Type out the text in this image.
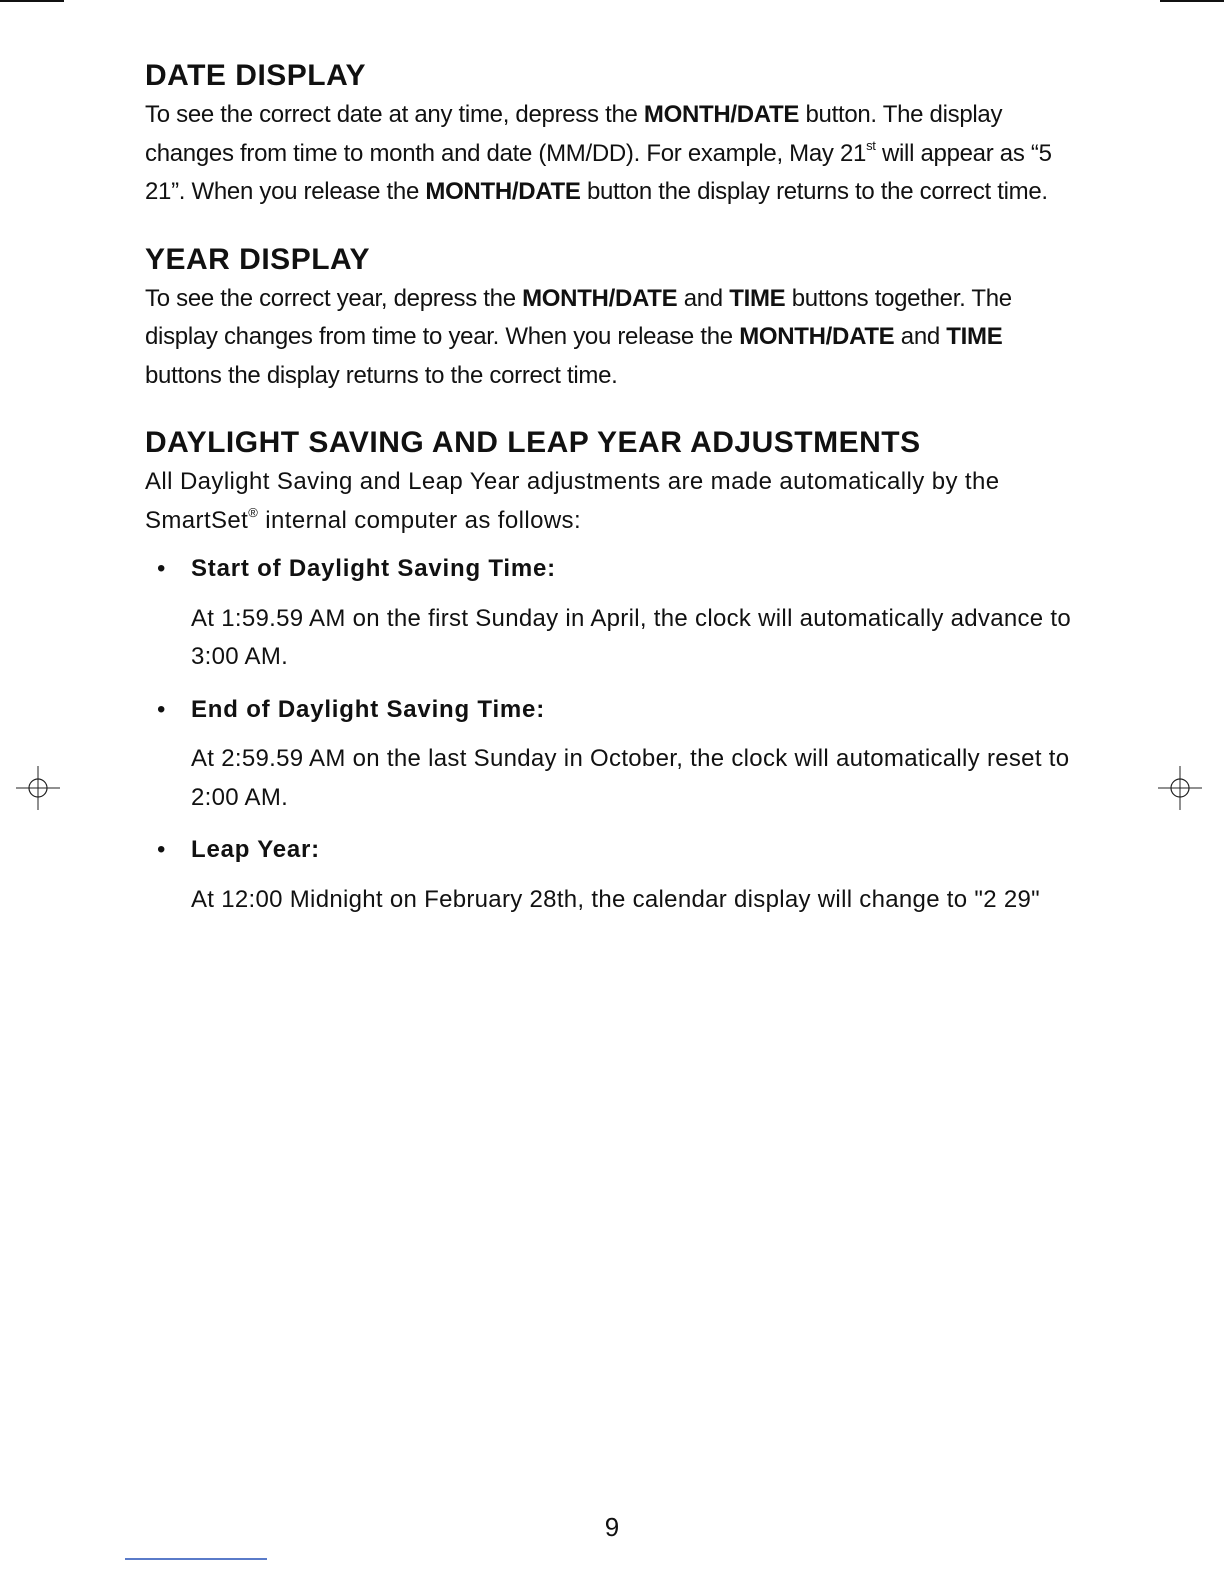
DATE DISPLAY

To see the correct date at any time, depress the MONTH/DATE button. The display changes from time to month and date (MM/DD). For example, May 21st will appear as “5 21”. When you release the MONTH/DATE button the display returns to the correct time.

YEAR DISPLAY

To see the correct year, depress the MONTH/DATE and TIME buttons together. The display changes from time to year. When you release the MONTH/DATE and TIME buttons the display returns to the correct time.

DAYLIGHT SAVING AND LEAP YEAR ADJUSTMENTS

All Daylight Saving and Leap Year adjustments are made automatically by the SmartSet® internal computer as follows:

• Start of Daylight Saving Time:
At 1:59.59 AM on the first Sunday in April, the clock will automatically advance to 3:00 AM.
• End of Daylight Saving Time:
At 2:59.59 AM on the last Sunday in October, the clock will automatically reset to 2:00 AM.
• Leap Year:
At 12:00 Midnight on February 28th, the calendar display will change to "2 29"
9
